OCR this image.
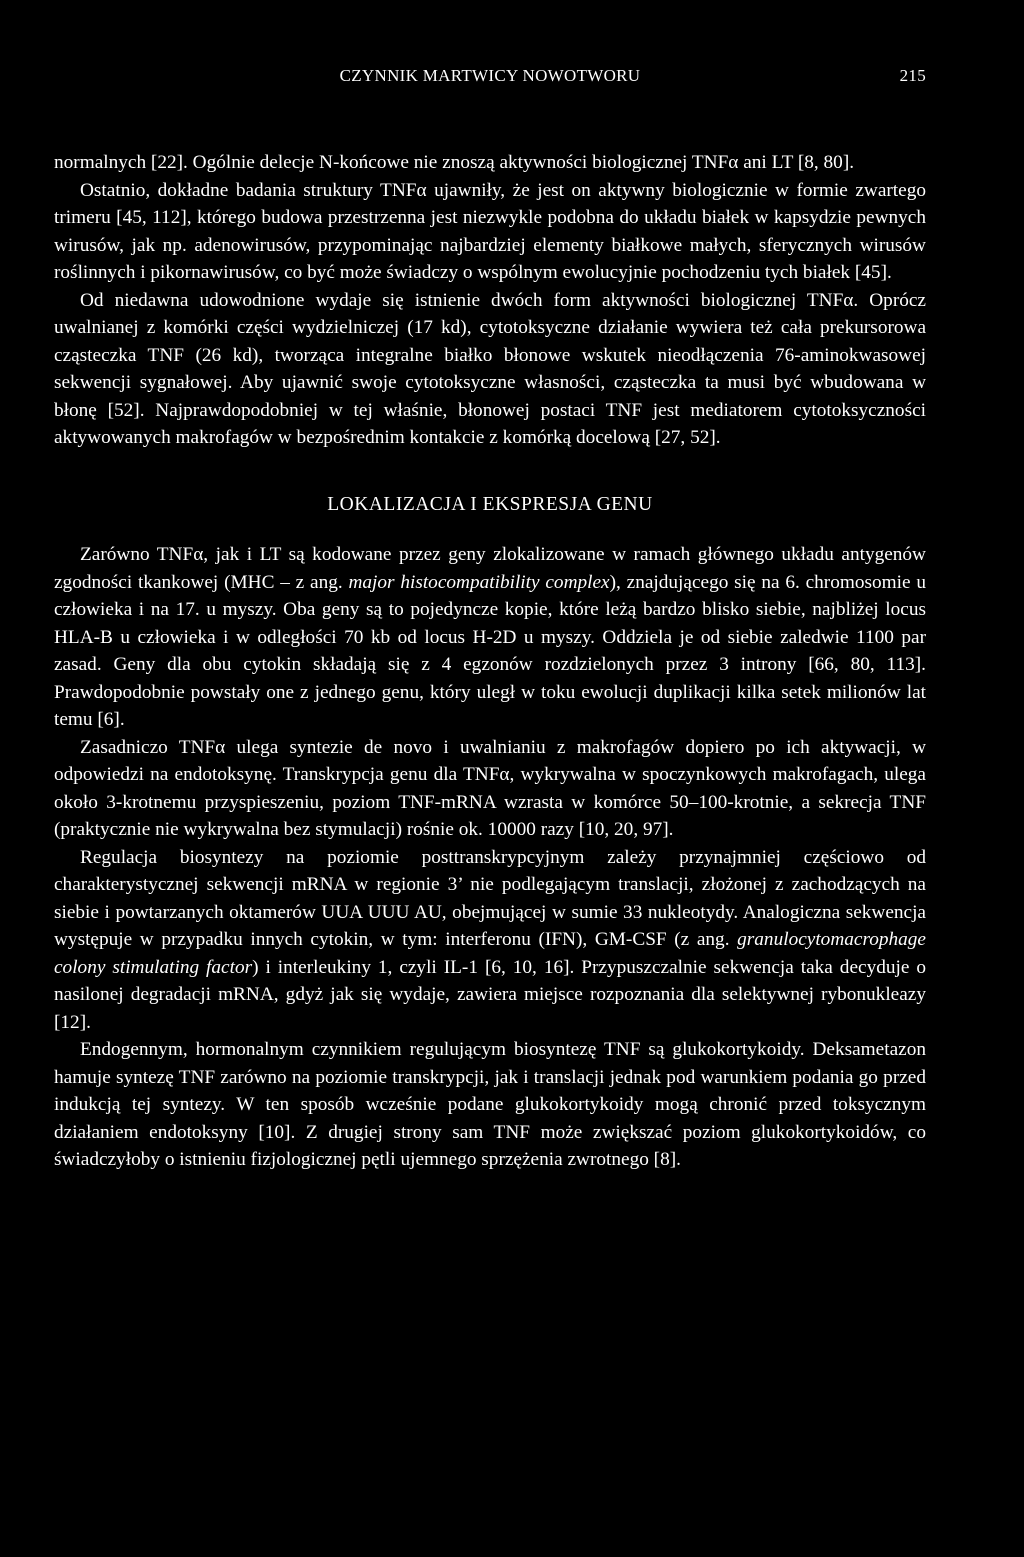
CZYNNIK MARTWICY NOWOTWORU	215

normalnych [22]. Ogólnie delecje N-końcowe nie znoszą aktywności biologicznej TNFα ani LT [8, 80].

Ostatnio, dokładne badania struktury TNFα ujawniły, że jest on aktywny biologicznie w formie zwartego trimeru [45, 112], którego budowa przestrzenna jest niezwykle podobna do układu białek w kapsydzie pewnych wirusów, jak np. adenowirusów, przypominając najbardziej elementy białkowe małych, sferycznych wirusów roślinnych i pikornawirusów, co być może świadczy o wspólnym ewolucyjnie pochodzeniu tych białek [45].

Od niedawna udowodnione wydaje się istnienie dwóch form aktywności biologicznej TNFα. Oprócz uwalnianej z komórki części wydzielniczej (17 kd), cytotoksyczne działanie wywiera też cała prekursorowa cząsteczka TNF (26 kd), tworząca integralne białko błonowe wskutek nieodłączenia 76-aminokwasowej sekwencji sygnałowej. Aby ujawnić swoje cytotoksyczne własności, cząsteczka ta musi być wbudowana w błonę [52]. Najprawdopodobniej w tej właśnie, błonowej postaci TNF jest mediatorem cytotoksyczności aktywowanych makrofagów w bezpośrednim kontakcie z komórką docelową [27, 52].

LOKALIZACJA I EKSPRESJA GENU

Zarówno TNFα, jak i LT są kodowane przez geny zlokalizowane w ramach głównego układu antygenów zgodności tkankowej (MHC – z ang. major histocompatibility complex), znajdującego się na 6. chromosomie u człowieka i na 17. u myszy. Oba geny są to pojedyncze kopie, które leżą bardzo blisko siebie, najbliżej locus HLA-B u człowieka i w odległości 70 kb od locus H-2D u myszy. Oddziela je od siebie zaledwie 1100 par zasad. Geny dla obu cytokin składają się z 4 egzonów rozdzielonych przez 3 introny [66, 80, 113]. Prawdopodobnie powstały one z jednego genu, który uległ w toku ewolucji duplikacji kilka setek milionów lat temu [6].

Zasadniczo TNFα ulega syntezie de novo i uwalnianiu z makrofagów dopiero po ich aktywacji, w odpowiedzi na endotoksynę. Transkrypcja genu dla TNFα, wykrywalna w spoczynkowych makrofagach, ulega około 3-krotnemu przyspieszeniu, poziom TNF-mRNA wzrasta w komórce 50–100-krotnie, a sekrecja TNF (praktycznie nie wykrywalna bez stymulacji) rośnie ok. 10000 razy [10, 20, 97].

Regulacja biosyntezy na poziomie posttranskrypcyjnym zależy przynajmniej częściowo od charakterystycznej sekwencji mRNA w regionie 3’ nie podlegającym translacji, złożonej z zachodzących na siebie i powtarzanych oktamerów UUA UUU AU, obejmującej w sumie 33 nukleotydy. Analogiczna sekwencja występuje w przypadku innych cytokin, w tym: interferonu (IFN), GM-CSF (z ang. granulocytomacrophage colony stimulating factor) i interleukiny 1, czyli IL-1 [6, 10, 16]. Przypuszczalnie sekwencja taka decyduje o nasilonej degradacji mRNA, gdyż jak się wydaje, zawiera miejsce rozpoznania dla selektywnej rybonukleazy [12].

Endogennym, hormonalnym czynnikiem regulującym biosyntezę TNF są glukokortykoidy. Deksametazon hamuje syntezę TNF zarówno na poziomie transkrypcji, jak i translacji jednak pod warunkiem podania go przed indukcją tej syntezy. W ten sposób wcześnie podane glukokortykoidy mogą chronić przed toksycznym działaniem endotoksyny [10]. Z drugiej strony sam TNF może zwiększać poziom glukokortykoidów, co świadczyłoby o istnieniu fizjologicznej pętli ujemnego sprzężenia zwrotnego [8].
